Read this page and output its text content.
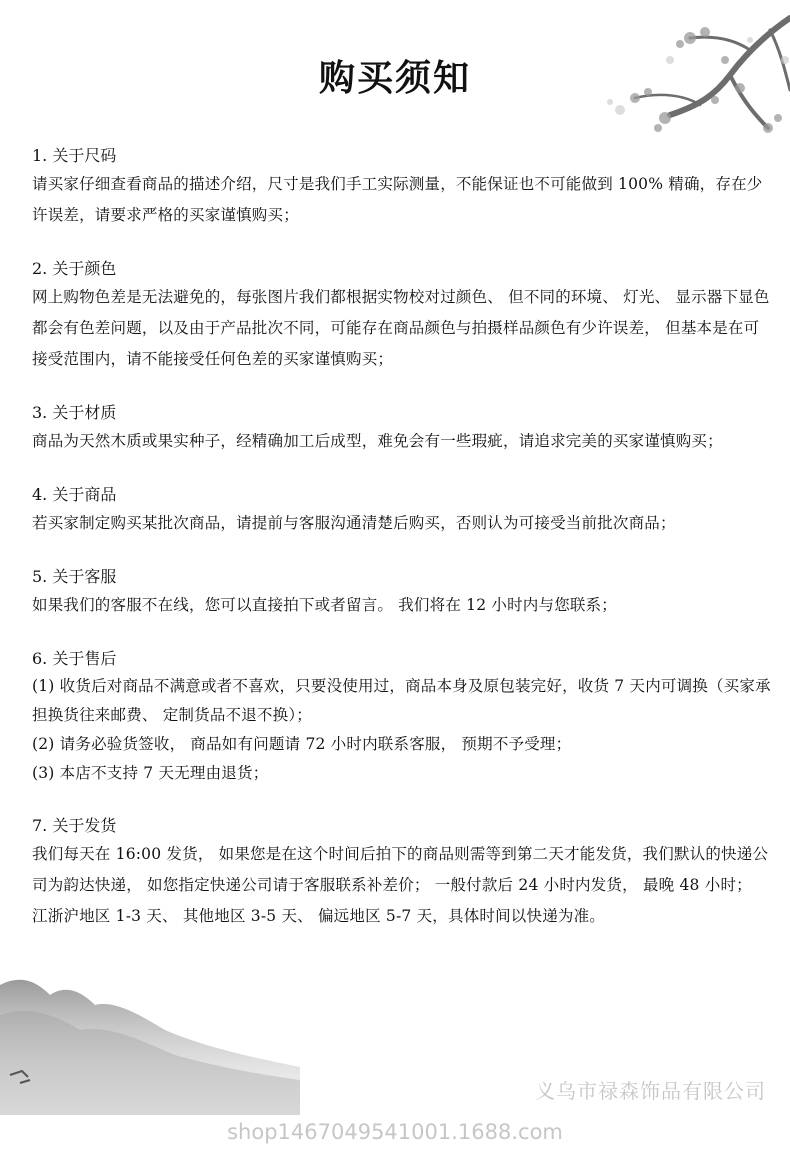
购买须知
1. 关于尺码
请买家仔细查看商品的描述介绍，尺寸是我们手工实际测量，不能保证也不可能做到 100% 精确，存在少许误差，请要求严格的买家谨慎购买；
2. 关于颜色
网上购物色差是无法避免的，每张图片我们都根据实物校对过颜色、 但不同的环境、 灯光、 显示器下显色都会有色差问题，以及由于产品批次不同，可能存在商品颜色与拍摄样品颜色有少许误差， 但基本是在可接受范围内，请不能接受任何色差的买家谨慎购买；
3. 关于材质
商品为天然木质或果实种子，经精确加工后成型，难免会有一些瑕疵，请追求完美的买家谨慎购买；
4. 关于商品
若买家制定购买某批次商品，请提前与客服沟通清楚后购买，否则认为可接受当前批次商品；
5. 关于客服
如果我们的客服不在线，您可以直接拍下或者留言。 我们将在 12 小时内与您联系；
6. 关于售后
(1) 收货后对商品不满意或者不喜欢，只要没使用过，商品本身及原包装完好，收货 7 天内可调换（买家承担换货往来邮费、 定制货品不退不换）；
(2) 请务必验货签收， 商品如有问题请 72 小时内联系客服， 预期不予受理；
(3) 本店不支持 7 天无理由退货；
7. 关于发货
我们每天在 16:00 发货， 如果您是在这个时间后拍下的商品则需等到第二天才能发货，我们默认的快递公司为韵达快递， 如您指定快递公司请于客服联系补差价； 一般付款后 24 小时内发货， 最晚 48 小时； 江浙沪地区 1-3 天、 其他地区 3-5 天、 偏远地区 5-7 天，具体时间以快递为准。
义乌市禄森饰品有限公司
shop1467049541001.1688.com
